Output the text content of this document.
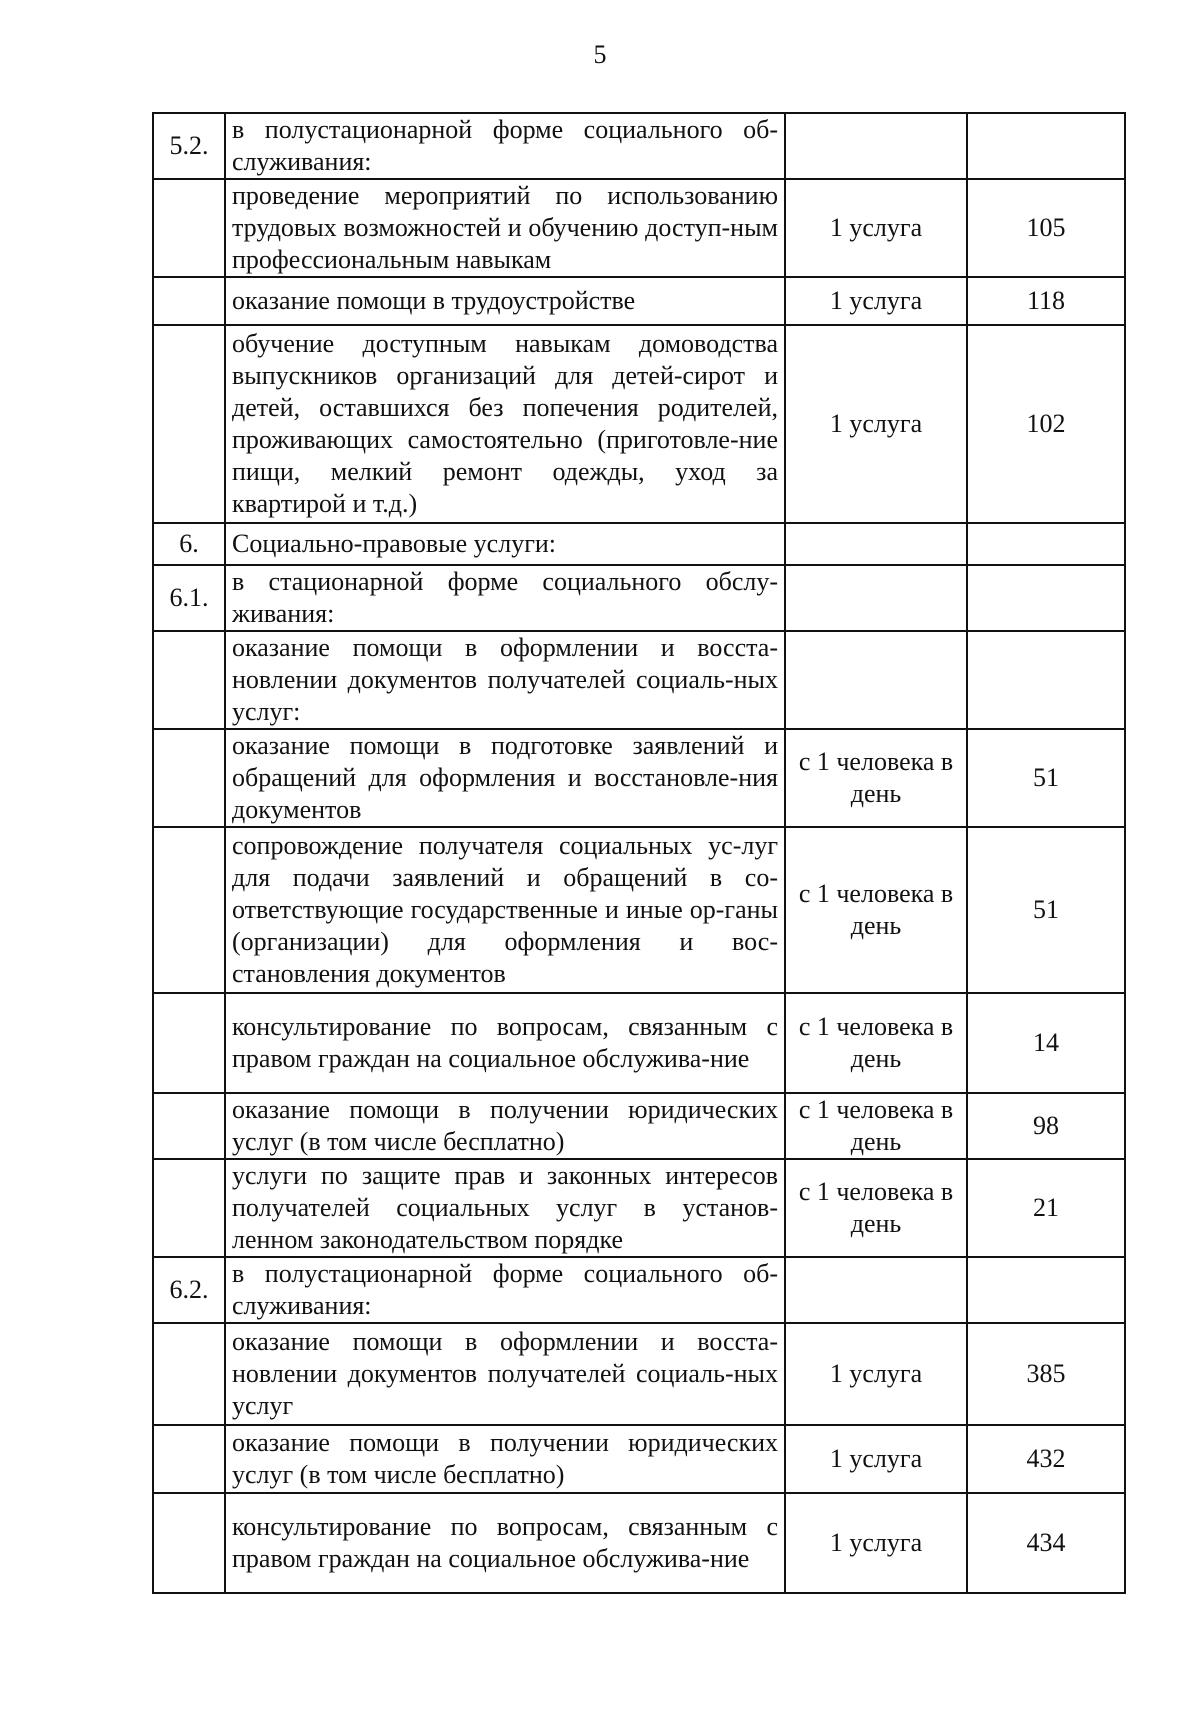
5
5.2.	в полустационарной форме социального об-служивания:		
	проведение мероприятий по использованию трудовых возможностей и обучению доступ-ным профессиональным навыкам	1 услуга	105
	оказание помощи в трудоустройстве	1 услуга	118
	обучение доступным навыкам домоводства выпускников организаций для детей-сирот и детей, оставшихся без попечения родителей, проживающих самостоятельно (приготовле-ние пищи, мелкий ремонт одежды, уход за квартирой и т.д.)	1 услуга	102
6.	Социально-правовые услуги:		
6.1.	в стационарной форме социального обслу-живания:		
	оказание помощи в оформлении и восста-новлении документов получателей социаль-ных услуг:		
	оказание помощи в подготовке заявлений и обращений для оформления и восстановле-ния документов	с 1 человека в день	51
	сопровождение получателя социальных ус-луг для подачи заявлений и обращений в со-ответствующие государственные и иные ор-ганы (организации) для оформления и вос-становления документов	с 1 человека в день	51
	консультирование по вопросам, связанным с правом граждан на социальное обслужива-ние	с 1 человека в день	14
	оказание помощи в получении юридических услуг (в том числе бесплатно)	с 1 человека в день	98
	услуги по защите прав и законных интересов получателей социальных услуг в установ-ленном законодательством порядке	с 1 человека в день	21
6.2.	в полустационарной форме социального об-служивания:		
	оказание помощи в оформлении и восста-новлении документов получателей социаль-ных услуг	1 услуга	385
	оказание помощи в получении юридических услуг (в том числе бесплатно)	1 услуга	432
	консультирование по вопросам, связанным с правом граждан на социальное обслужива-ние	1 услуга	434
